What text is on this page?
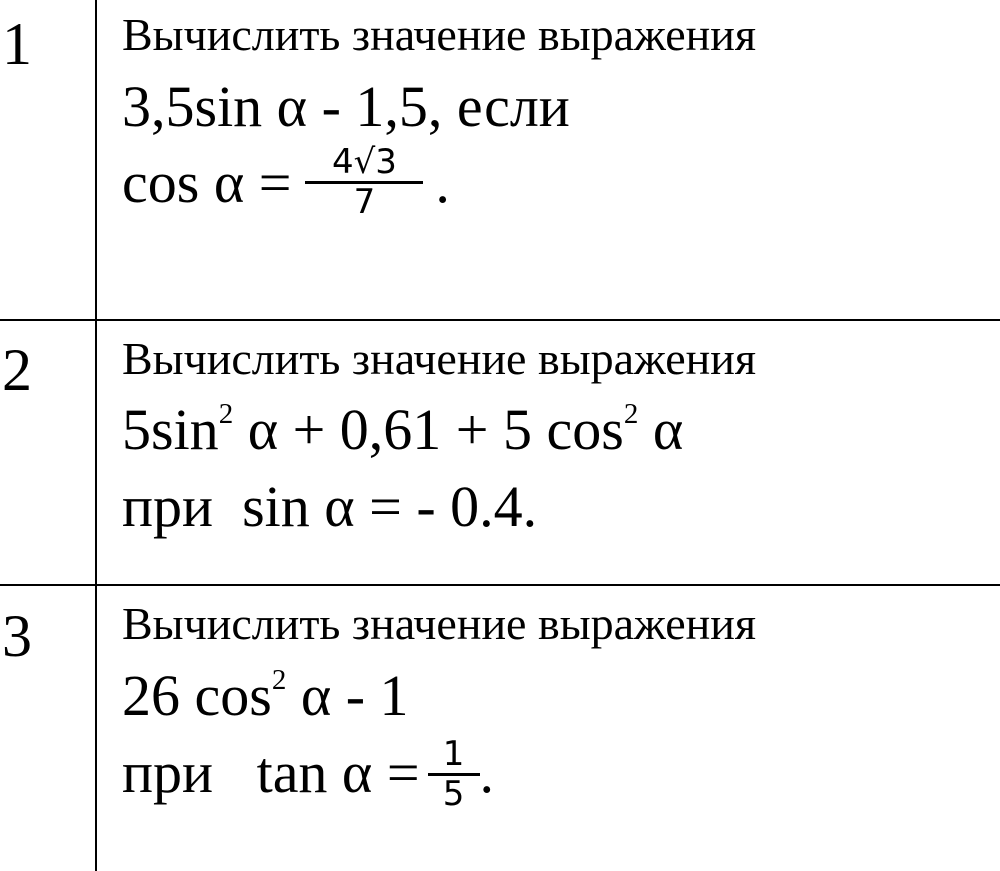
1 Вычислить значение выражения
3,5sin α - 1,5, если
$\cos \alpha = \frac{4√3}{7}$ .
2 Вычислить значение выражения
$5\sin^2$ α + 0,61 + 5 $\cos^2 \alpha$
при  sin α = - 0.4.
3 Вычислить значение выражения
26 $\cos^2 \alpha - 1$
при   $\tan \alpha = \frac{1}{5}$ .
